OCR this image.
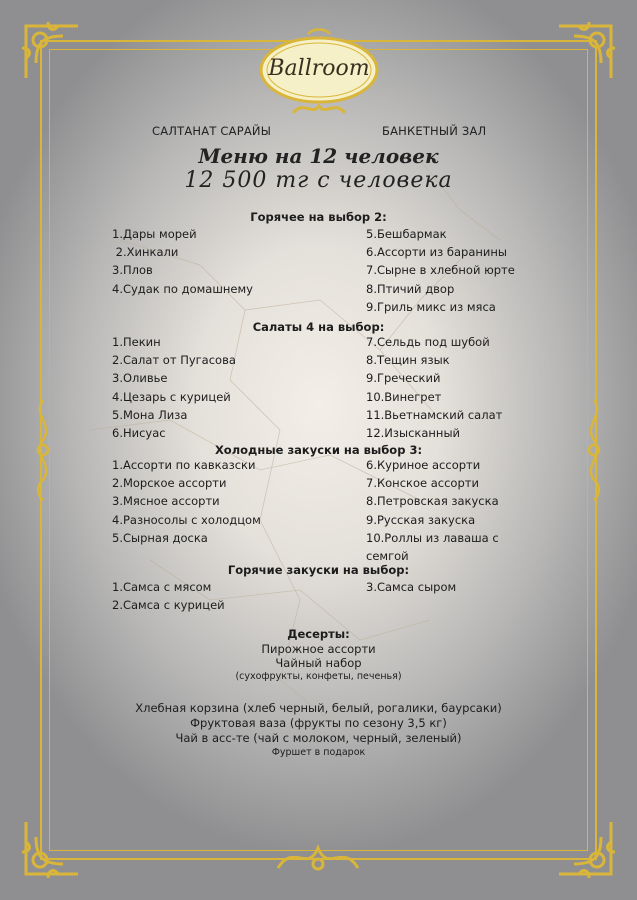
Ballroom
САЛТАНАТ САРАЙЫ	БАНКЕТНЫЙ ЗАЛ
Меню на 12 человек
12 500 тг с человека
Горячее на выбор 2:
1.Дары морей
2.Хинкали
3.Плов
4.Судак по домашнему
5.Бешбармак
6.Ассорти из баранины
7.Сырне в хлебной юрте
8.Птичий двор
9.Гриль микс из мяса
Салаты 4 на выбор:
1.Пекин
2.Салат от Пугасова
3.Оливье
4.Цезарь с курицей
5.Мона Лиза
6.Нисуас
7.Сельдь под шубой
8.Тещин язык
9.Греческий
10.Винегрет
11.Вьетнамский салат
12.Изысканный
Холодные закуски на выбор 3:
1.Ассорти по кавказски
2.Морское ассорти
3.Мясное ассорти
4.Разносолы с холодцом
5.Сырная доска
6.Куриное ассорти
7.Конское ассорти
8.Петровская закуска
9.Русская закуска
10.Роллы из лаваша с
семгой
Горячие закуски на выбор:
1.Самса с мясом
2.Самса с курицей
3.Самса сыром
Десерты:
Пирожное ассорти
Чайный набор
(сухофрукты, конфеты, печенья)
Хлебная корзина (хлеб черный, белый, рогалики, баурсаки)
Фруктовая ваза (фрукты по сезону 3,5 кг)
Чай в асс-те (чай с молоком, черный, зеленый)
Фуршет в подарок
